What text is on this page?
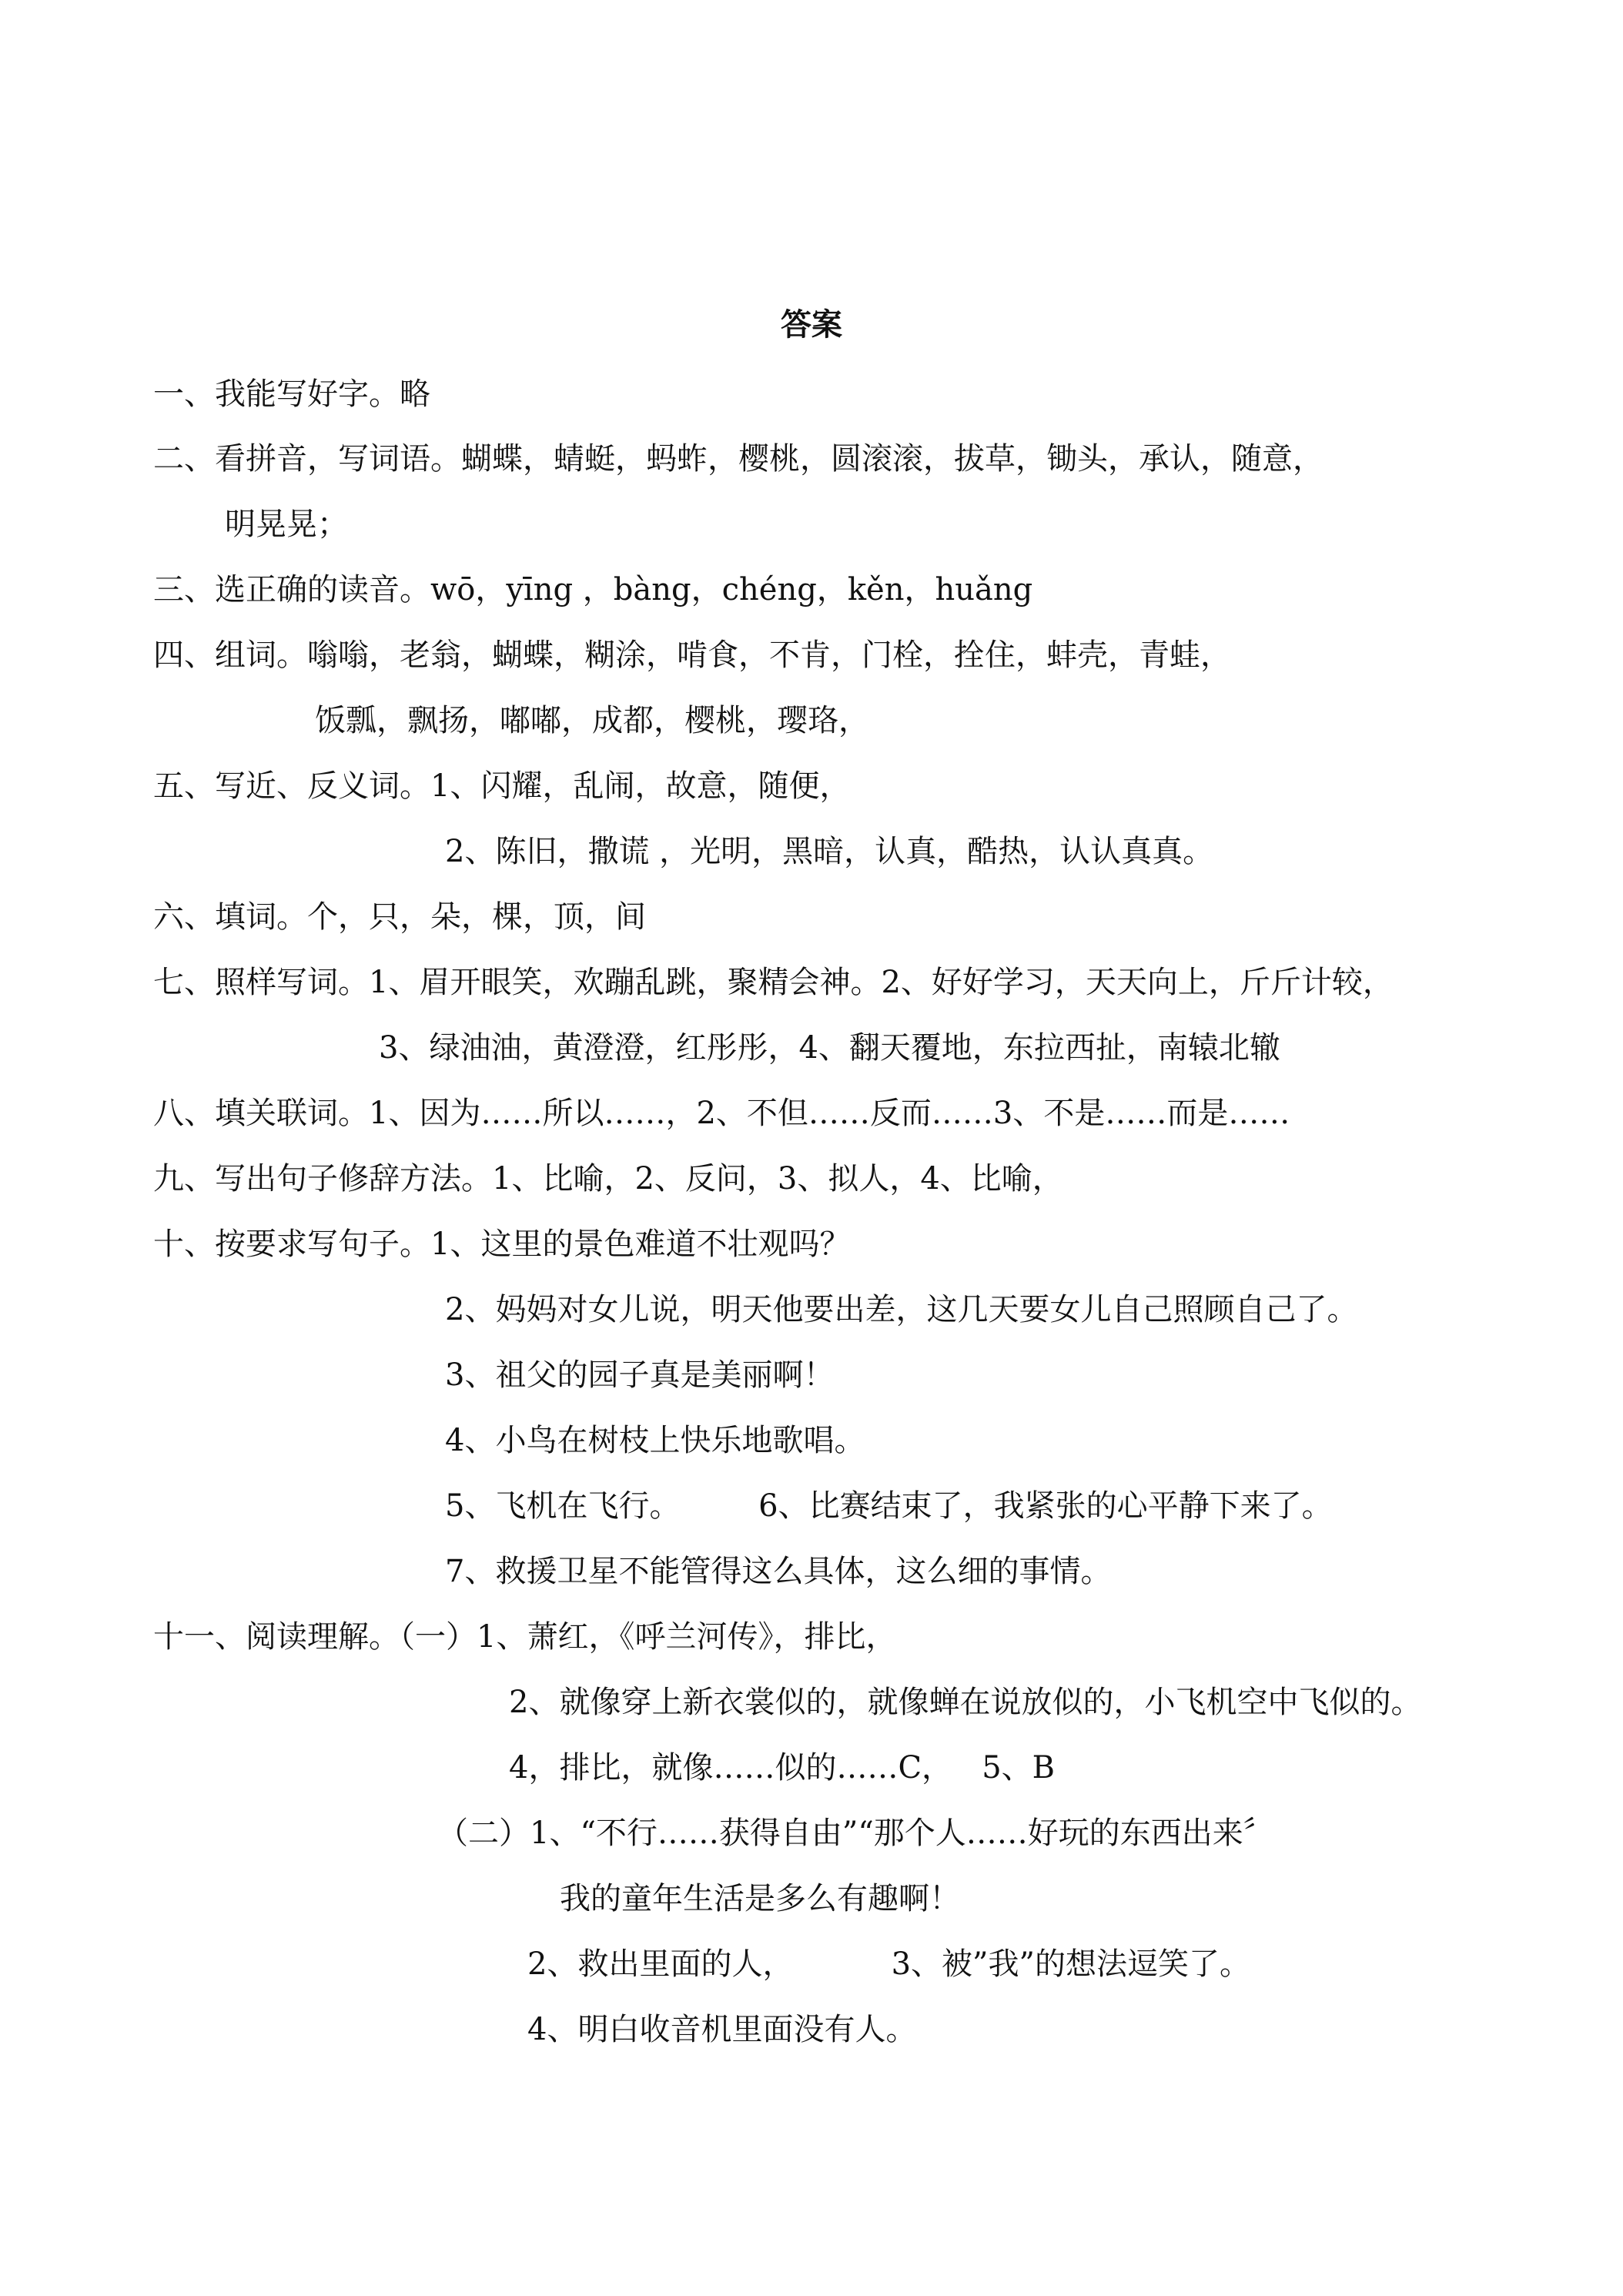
答案
一、我能写好字。略
二、看拼音，写词语。蝴蝶，蜻蜓，蚂蚱，樱桃，圆滚滚，拔草，锄头，承认，随意，
明晃晃；
三、选正确的读音。wō，yīng ，bàng，chéng，kěn，huǎng
四、组词。嗡嗡，老翁，蝴蝶，糊涂，啃食，不肯，门栓，拴住，蚌壳，青蛙，
饭瓢，飘扬，嘟嘟，成都，樱桃，璎珞，
五、写近、反义词。1、闪耀，乱闹，故意，随便，
2、陈旧，撒谎 ，光明，黑暗，认真，酷热，认认真真。
六、填词。个，只，朵，棵，顶，间
七、照样写词。1、眉开眼笑，欢蹦乱跳，聚精会神。2、好好学习，天天向上，斤斤计较，
3、绿油油，黄澄澄，红彤彤，4、翻天覆地，东拉西扯，南辕北辙
八、填关联词。1、因为……所以……，2、不但……反而……3、不是……而是……
九、写出句子修辞方法。1、比喻，2、反问，3、拟人，4、比喻，
十、按要求写句子。1、这里的景色难道不壮观吗？
2、妈妈对女儿说，明天他要出差，这几天要女儿自己照顾自己了。
3、祖父的园子真是美丽啊！
4、小鸟在树枝上快乐地歌唱。
5、飞机在飞行。        6、比赛结束了，我紧张的心平静下来了。
7、救援卫星不能管得这么具体，这么细的事情。
十一、阅读理解。（一）1、萧红，《呼兰河传》，排比，
2、就像穿上新衣裳似的，就像蝉在说放似的，小飞机空中飞似的。
4，排比，就像……似的……C，   5、B
（二）1、“不行……获得自由”“那个人……好玩的东西出来〞
我的童年生活是多么有趣啊！
2、救出里面的人，          3、被”我”的想法逗笑了。
4、明白收音机里面没有人。
